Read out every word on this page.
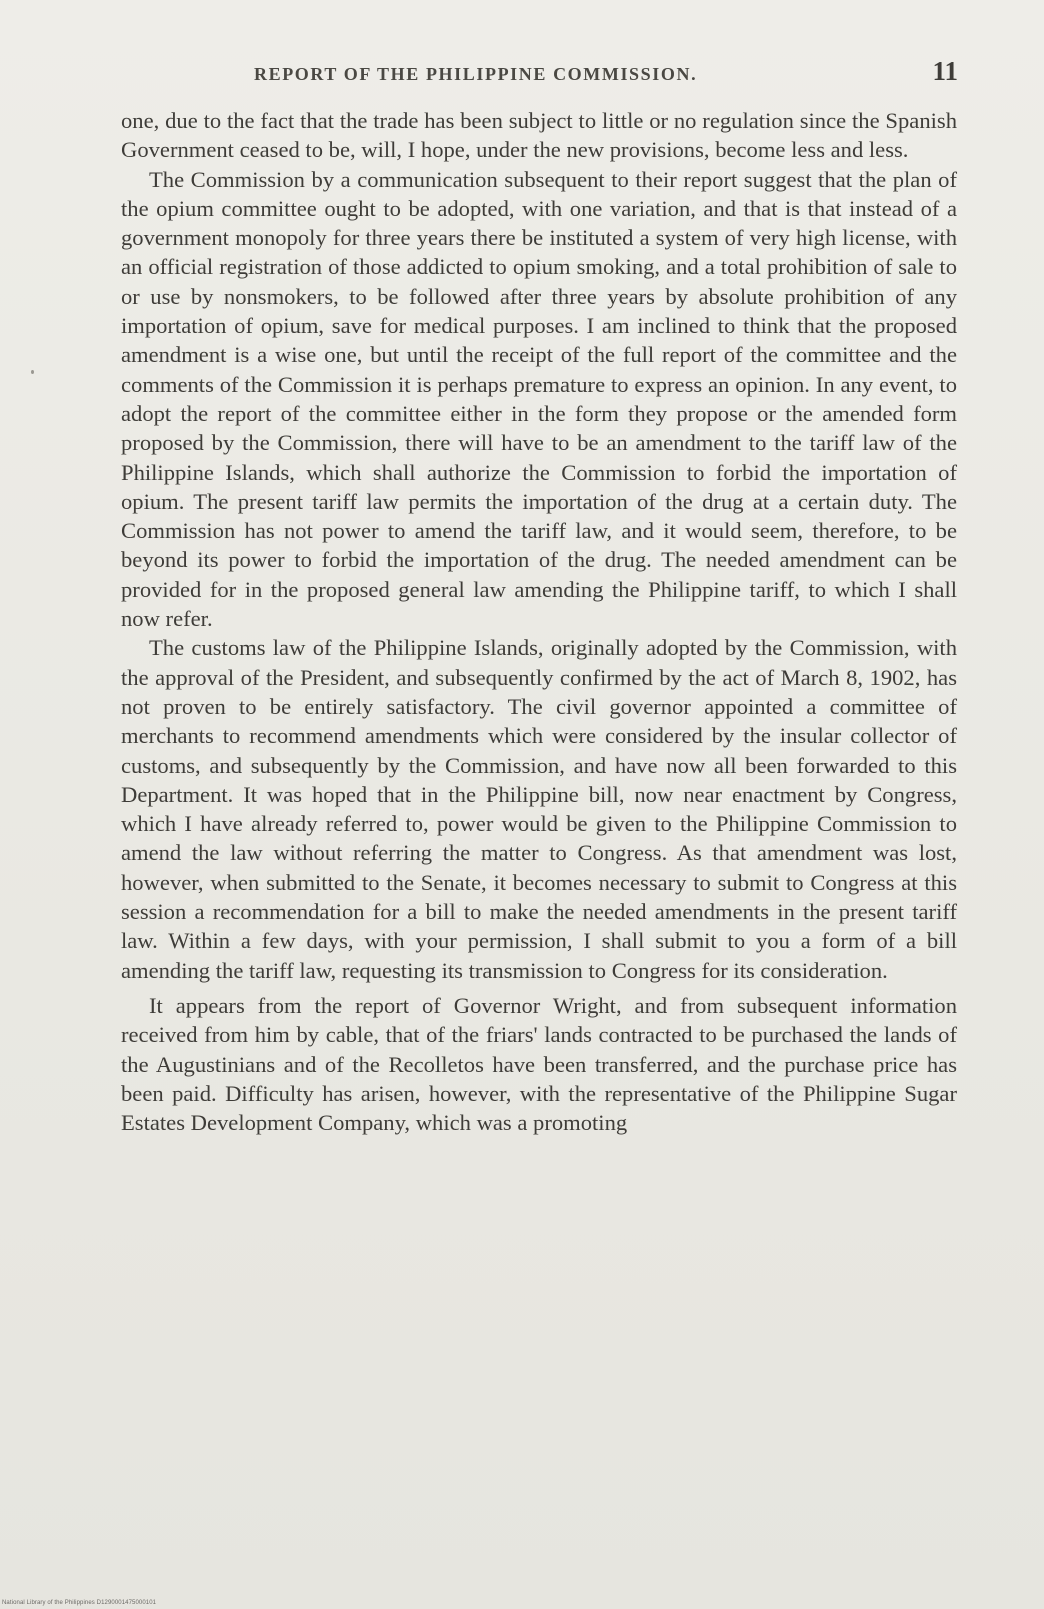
REPORT OF THE PHILIPPINE COMMISSION.	11

one, due to the fact that the trade has been subject to little or no regulation since the Spanish Government ceased to be, will, I hope, under the new provisions, become less and less.

The Commission by a communication subsequent to their report suggest that the plan of the opium committee ought to be adopted, with one variation, and that is that instead of a government monopoly for three years there be instituted a system of very high license, with an official registration of those addicted to opium smoking, and a total prohibition of sale to or use by nonsmokers, to be followed after three years by absolute prohibition of any importation of opium, save for medical purposes. I am inclined to think that the proposed amendment is a wise one, but until the receipt of the full report of the committee and the comments of the Commission it is perhaps premature to express an opinion. In any event, to adopt the report of the committee either in the form they propose or the amended form proposed by the Commission, there will have to be an amendment to the tariff law of the Philippine Islands, which shall authorize the Commission to forbid the importation of opium. The present tariff law permits the importation of the drug at a certain duty. The Commission has not power to amend the tariff law, and it would seem, therefore, to be beyond its power to forbid the importation of the drug. The needed amendment can be provided for in the proposed general law amending the Philippine tariff, to which I shall now refer.

The customs law of the Philippine Islands, originally adopted by the Commission, with the approval of the President, and subsequently confirmed by the act of March 8, 1902, has not proven to be entirely satisfactory. The civil governor appointed a committee of merchants to recommend amendments which were considered by the insular collector of customs, and subsequently by the Commission, and have now all been forwarded to this Department. It was hoped that in the Philippine bill, now near enactment by Congress, which I have already referred to, power would be given to the Philippine Commission to amend the law without referring the matter to Congress. As that amendment was lost, however, when submitted to the Senate, it becomes necessary to submit to Congress at this session a recommendation for a bill to make the needed amendments in the present tariff law. Within a few days, with your permission, I shall submit to you a form of a bill amending the tariff law, requesting its transmission to Congress for its consideration.

It appears from the report of Governor Wright, and from subsequent information received from him by cable, that of the friars' lands contracted to be purchased the lands of the Augustinians and of the Recolletos have been transferred, and the purchase price has been paid. Difficulty has arisen, however, with the representative of the Philippine Sugar Estates Development Company, which was a promoting

National Library of the Philippines D1290001475000101
